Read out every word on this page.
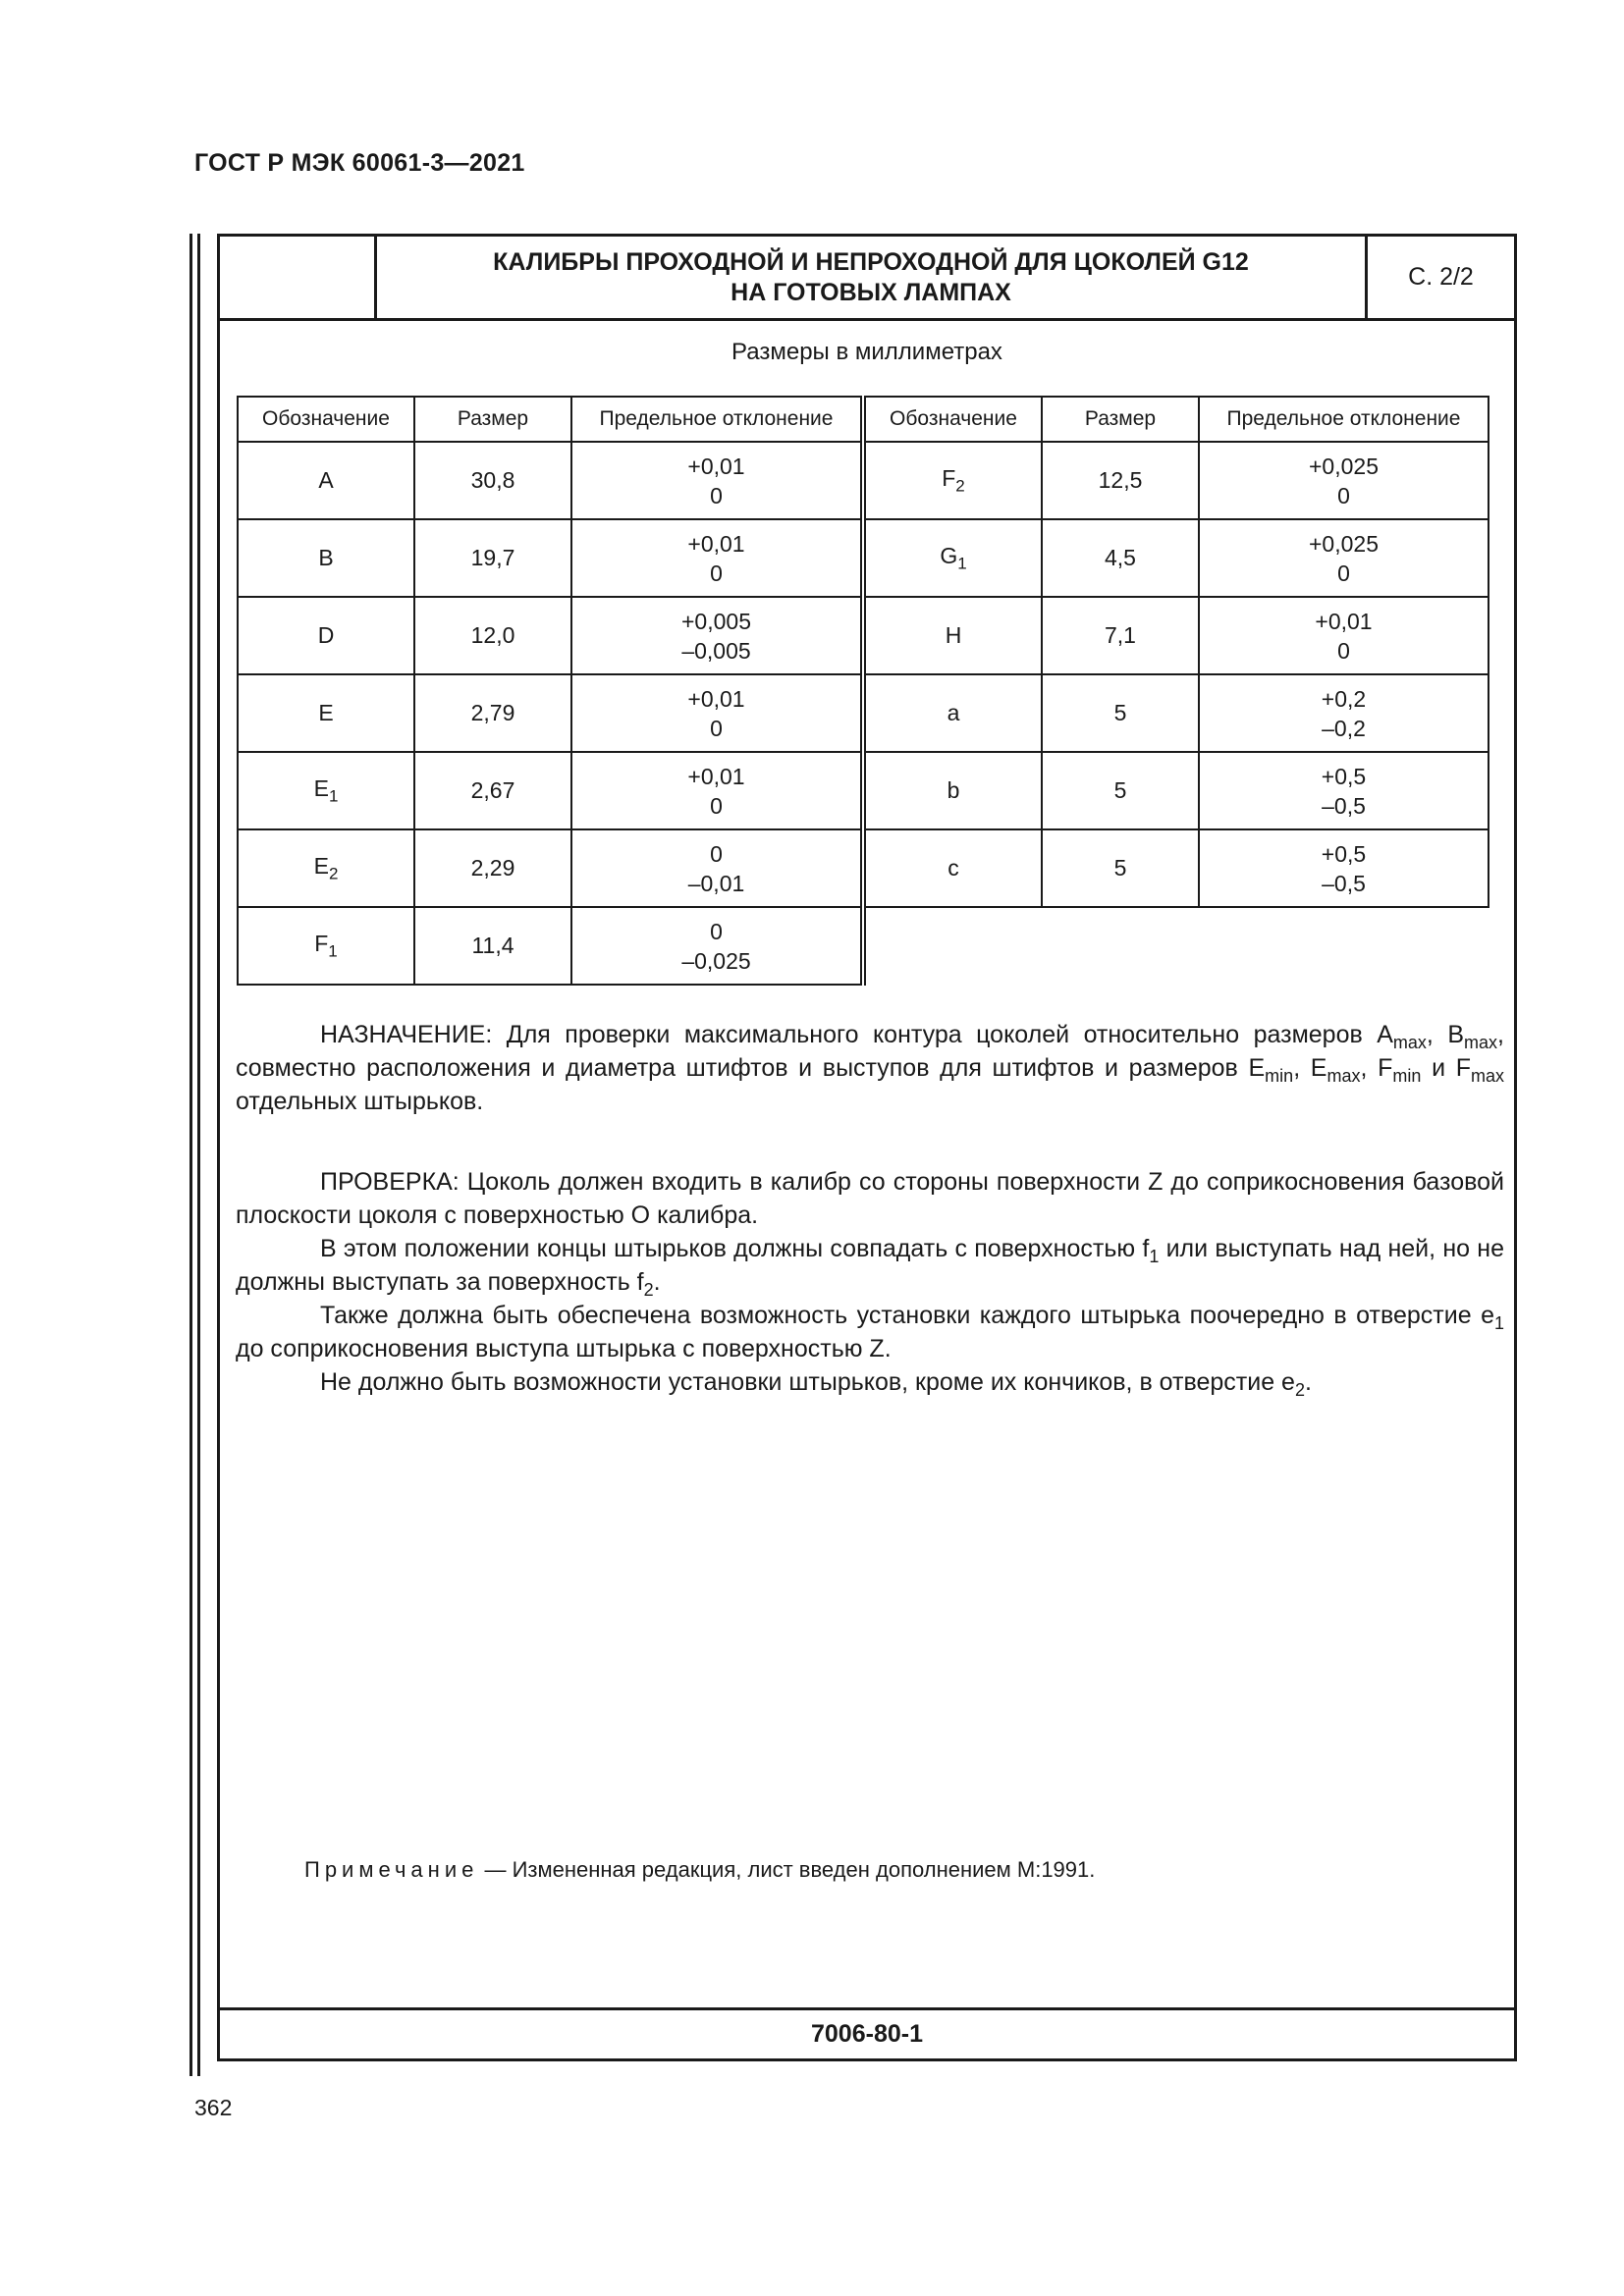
ГОСТ Р МЭК 60061-3—2021
КАЛИБРЫ ПРОХОДНОЙ И НЕПРОХОДНОЙ ДЛЯ ЦОКОЛЕЙ G12
НА ГОТОВЫХ ЛАМПАХ
С. 2/2
Размеры в миллиметрах
Обозначение	Размер	Предельное отклонение
A	30,8	+0,01
0

B	19,7	+0,01
0

D	12,0	+0,005
–0,005

E	2,79	+0,01
0

$E_1$	2,67	+0,01
0

$E_2$	2,29	0
–0,01

$F_1$	11,4	0
–0,025
Обозначение	Размер	Предельное отклонение
$F_2$	12,5	+0,025
0

$G_1$	4,5	+0,025
0

H	7,1	+0,01
0

a	5	+0,2
–0,2

b	5	+0,5
–0,5

c	5	+0,5
–0,5

НАЗНАЧЕНИЕ: Для проверки максимального контура цоколей относительно размеров $A_{max}$, $B_{max}$, совместно расположения и диаметра штифтов и выступов для штифтов и размеров $E_{min}$, $E_{max}$, $F_{min}$ и $F_{max}$ отдельных штырьков.

ПРОВЕРКА: Цоколь должен входить в калибр со стороны поверхности Z до соприкосновения базовой плоскости цоколя с поверхностью О калибра.

В этом положении концы штырьков должны совпадать с поверхностью $f_1$ или выступать над ней, но не должны выступать за поверхность $f_2$.

Также должна быть обеспечена возможность установки каждого штырька поочередно в отверстие $e_1$ до соприкосновения выступа штырька с поверхностью Z.

Не должно быть возможности установки штырьков, кроме их кончиков, в отверстие $e_2$.

Примечание — Измененная редакция, лист введен дополнением M:1991.
7006-80-1
362
